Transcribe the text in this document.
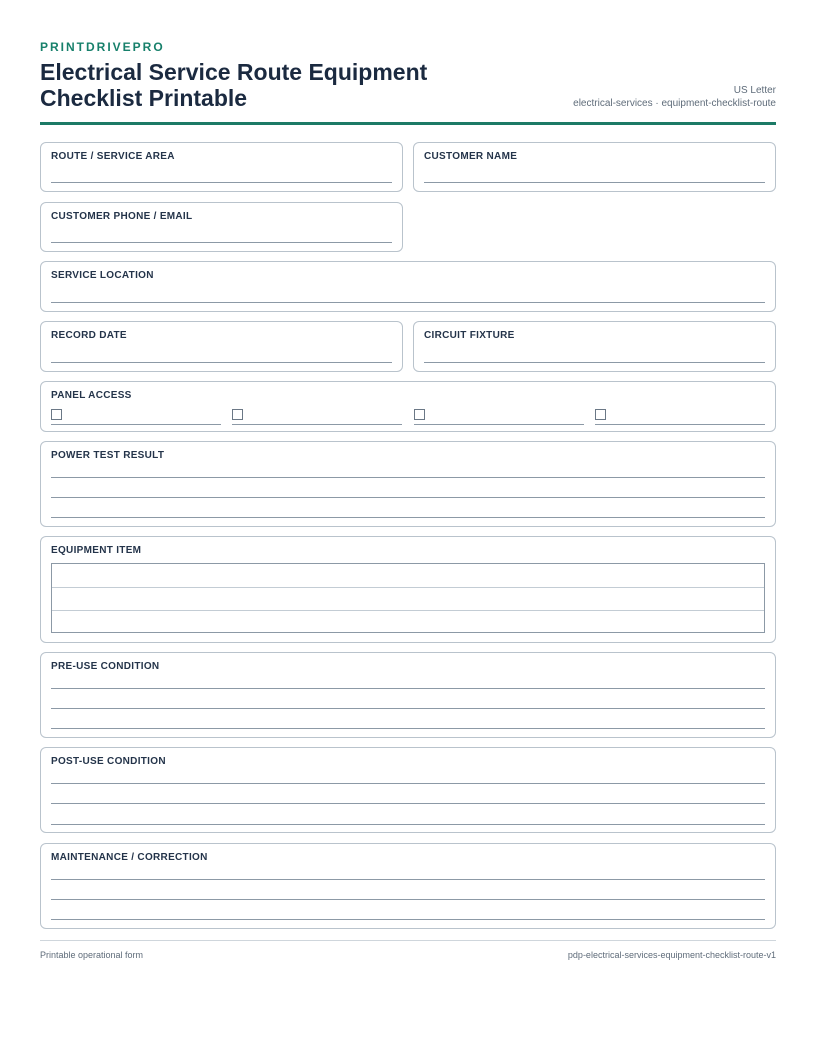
PRINTDRIVEPRO
Electrical Service Route Equipment
Checklist Printable	US Letter
electrical-services · equipment-checklist-route
ROUTE / SERVICE AREA	CUSTOMER NAME
CUSTOMER PHONE / EMAIL
SERVICE LOCATION
RECORD DATE	CIRCUIT FIXTURE
PANEL ACCESS
POWER TEST RESULT
EQUIPMENT ITEM
PRE-USE CONDITION
POST-USE CONDITION
MAINTENANCE / CORRECTION
Printable operational form	pdp-electrical-services-equipment-checklist-route-v1
